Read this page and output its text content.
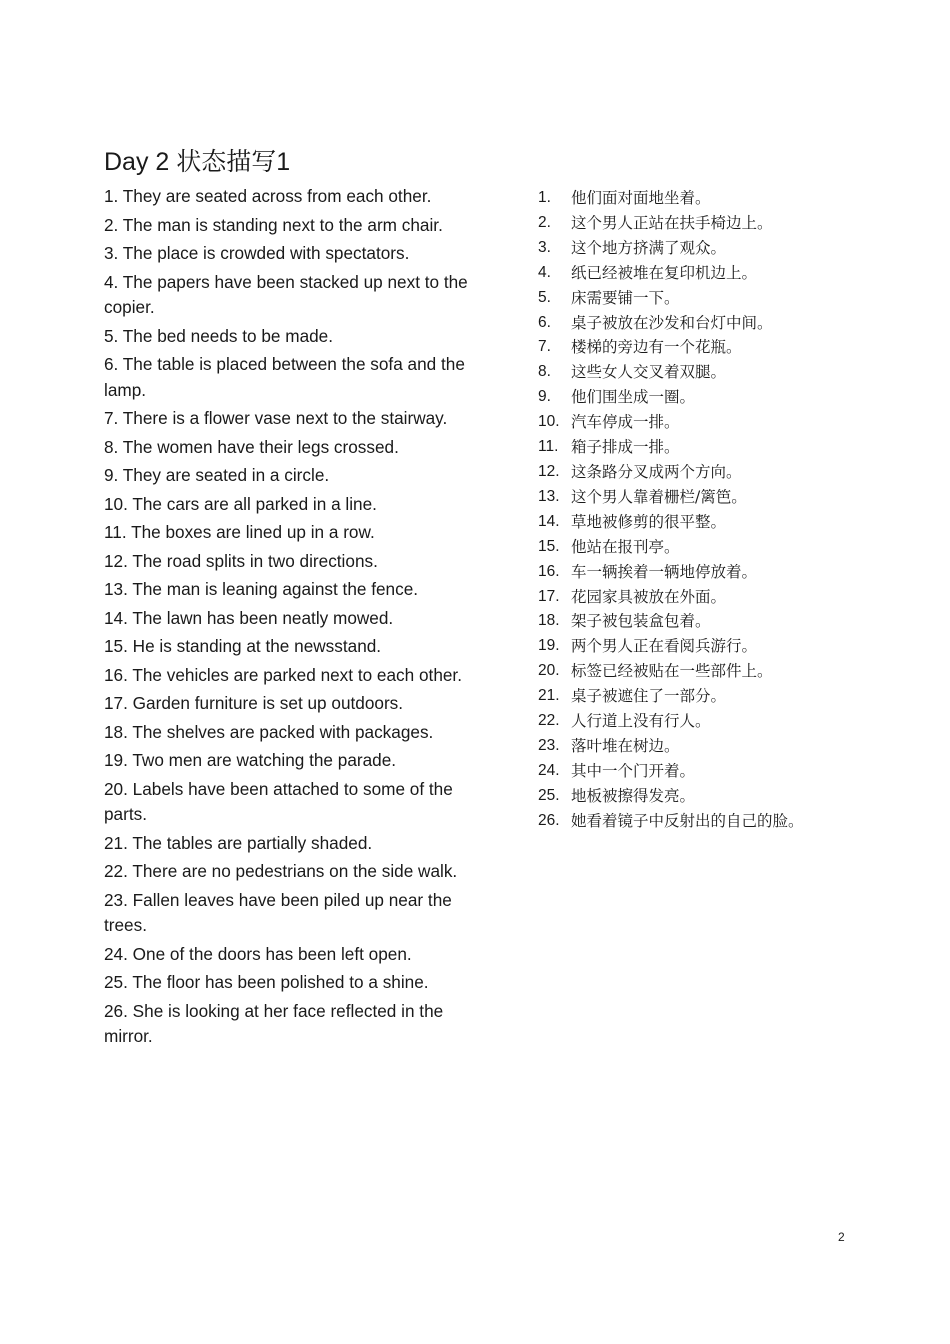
Day 2 状态描写1
1. They are seated across from each other.
2. The man is standing next to the arm chair.
3. The place is crowded with spectators.
4. The papers have been stacked up next to the copier.
5. The bed needs to be made.
6. The table is placed between the sofa and the lamp.
7. There is a flower vase next to the stairway.
8. The women have their legs crossed.
9. They are seated in a circle.
10. The cars are all parked in a line.
11. The boxes are lined up in a row.
12. The road splits in two directions.
13. The man is leaning against the fence.
14. The lawn has been neatly mowed.
15. He is standing at the newsstand.
16. The vehicles are parked next to each other.
17. Garden furniture is set up outdoors.
18. The shelves are packed with packages.
19. Two men are watching the parade.
20. Labels have been attached to some of the parts.
21. The tables are partially shaded.
22. There are no pedestrians on the side walk.
23. Fallen leaves have been piled up near the trees.
24. One of the doors has been left open.
25. The floor has been polished to a shine.
26. She is looking at her face reflected in the mirror.
1.	他们面对面地坐着。
2.	这个男人正站在扶手椅边上。
3.	这个地方挤满了观众。
4.	纸已经被堆在复印机边上。
5.	床需要铺一下。
6.	桌子被放在沙发和台灯中间。
7.	楼梯的旁边有一个花瓶。
8.	这些女人交叉着双腿。
9.	他们围坐成一圈。
10. 汽车停成一排。
11. 箱子排成一排。
12. 这条路分叉成两个方向。
13. 这个男人靠着栅栏/篱笆。
14. 草地被修剪的很平整。
15. 他站在报刊亭。
16. 车一辆挨着一辆地停放着。
17. 花园家具被放在外面。
18. 架子被包装盒包着。
19. 两个男人正在看阅兵游行。
20. 标签已经被贴在一些部件上。
21. 桌子被遮住了一部分。
22. 人行道上没有行人。
23. 落叶堆在树边。
24. 其中一个门开着。
25. 地板被擦得发亮。
26. 她看着镜子中反射出的自己的脸。
2
